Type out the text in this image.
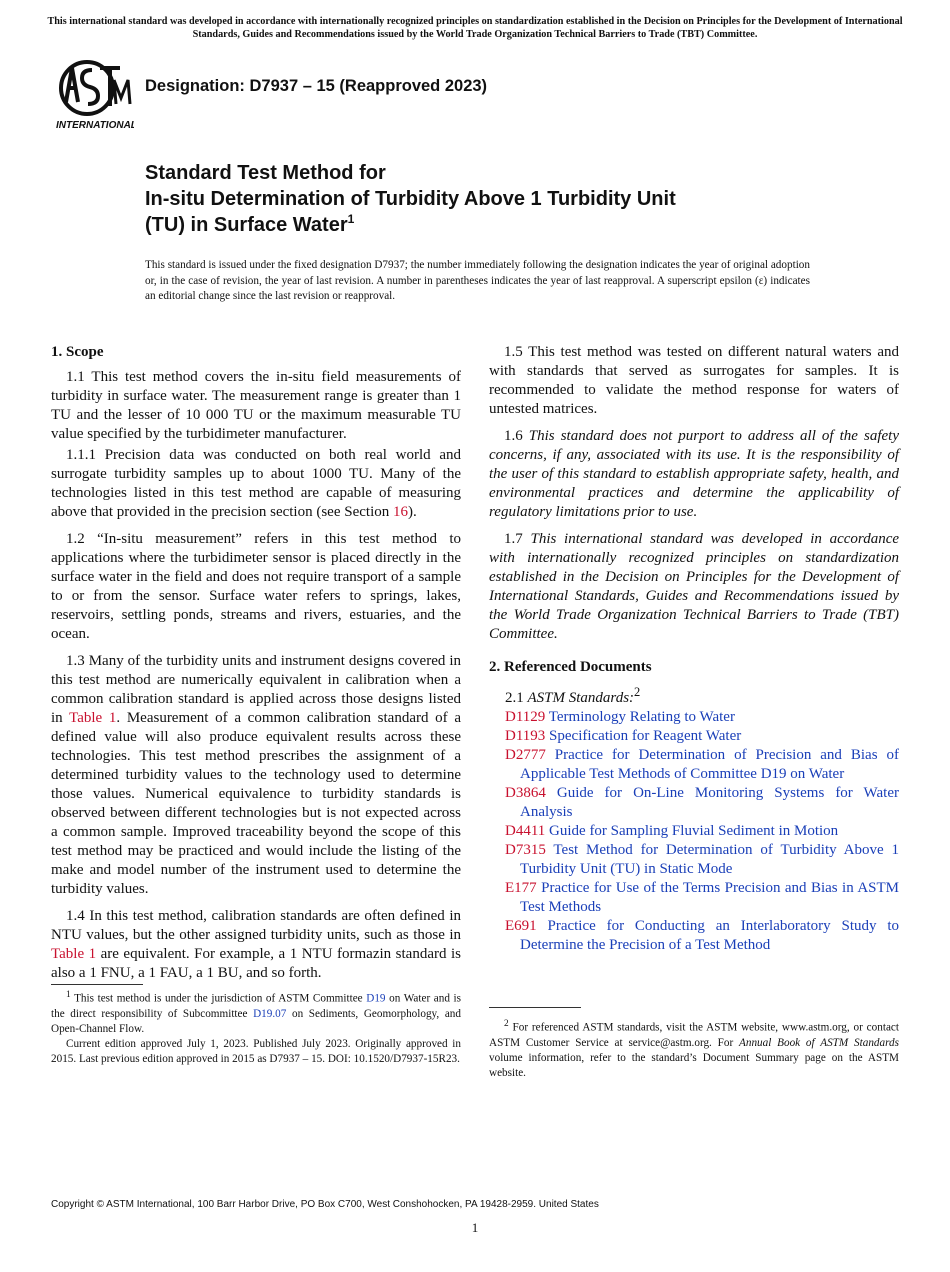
This international standard was developed in accordance with internationally recognized principles on standardization established in the Decision on Principles for the Development of International Standards, Guides and Recommendations issued by the World Trade Organization Technical Barriers to Trade (TBT) Committee.
INTERNATIONAL
Designation: D7937 – 15 (Reapproved 2023)
Standard Test Method for
In-situ Determination of Turbidity Above 1 Turbidity Unit
(TU) in Surface Water$^1$
This standard is issued under the fixed designation D7937; the number immediately following the designation indicates the year of original adoption or, in the case of revision, the year of last revision. A number in parentheses indicates the year of last reapproval. A superscript epsilon (ε) indicates an editorial change since the last revision or reapproval.
1. Scope

1.1 This test method covers the in-situ field measurements of turbidity in surface water. The measurement range is greater than 1 TU and the lesser of 10 000 TU or the maximum measurable TU value specified by the turbidimeter manufacturer.

1.1.1 Precision data was conducted on both real world and surrogate turbidity samples up to about 1000 TU. Many of the technologies listed in this test method are capable of measuring above that provided in the precision section (see Section 16).

1.2 “In-situ measurement” refers in this test method to applications where the turbidimeter sensor is placed directly in the surface water in the field and does not require transport of a sample to or from the sensor. Surface water refers to springs, lakes, reservoirs, settling ponds, streams and rivers, estuaries, and the ocean.

1.3 Many of the turbidity units and instrument designs covered in this test method are numerically equivalent in calibration when a common calibration standard is applied across those designs listed in Table 1. Measurement of a common calibration standard of a defined value will also produce equivalent results across these technologies. This test method prescribes the assignment of a determined turbidity values to the technology used to determine those values. Numerical equivalence to turbidity standards is observed between different technologies but is not expected across a common sample. Improved traceability beyond the scope of this test method may be practiced and would include the listing of the make and model number of the instrument used to determine the turbidity values.

1.4 In this test method, calibration standards are often defined in NTU values, but the other assigned turbidity units, such as those in Table 1 are equivalent. For example, a 1 NTU formazin standard is also a 1 FNU, a 1 FAU, a 1 BU, and so forth.

1.5 This test method was tested on different natural waters and with standards that served as surrogates for samples. It is recommended to validate the method response for waters of untested matrices.

1.6 This standard does not purport to address all of the safety concerns, if any, associated with its use. It is the responsibility of the user of this standard to establish appropriate safety, health, and environmental practices and determine the applicability of regulatory limitations prior to use.

1.7 This international standard was developed in accordance with internationally recognized principles on standardization established in the Decision on Principles for the Development of International Standards, Guides and Recommendations issued by the World Trade Organization Technical Barriers to Trade (TBT) Committee.

2. Referenced Documents
2.1 ASTM Standards:$^2$
D1129 Terminology Relating to Water
D1193 Specification for Reagent Water
D2777 Practice for Determination of Precision and Bias of Applicable Test Methods of Committee D19 on Water
D3864 Guide for On-Line Monitoring Systems for Water Analysis
D4411 Guide for Sampling Fluvial Sediment in Motion
D7315 Test Method for Determination of Turbidity Above 1 Turbidity Unit (TU) in Static Mode
E177 Practice for Use of the Terms Precision and Bias in ASTM Test Methods
E691 Practice for Conducting an Interlaboratory Study to Determine the Precision of a Test Method

$^1$ This test method is under the jurisdiction of ASTM Committee D19 on Water and is the direct responsibility of Subcommittee D19.07 on Sediments, Geomorphology, and Open-Channel Flow.

Current edition approved July 1, 2023. Published July 2023. Originally approved in 2015. Last previous edition approved in 2015 as D7937 – 15. DOI: 10.1520/D7937-15R23.

$^2$ For referenced ASTM standards, visit the ASTM website, www.astm.org, or contact ASTM Customer Service at service@astm.org. For Annual Book of ASTM Standards volume information, refer to the standard’s Document Summary page on the ASTM website.

Copyright © ASTM International, 100 Barr Harbor Drive, PO Box C700, West Conshohocken, PA 19428-2959. United States
1
